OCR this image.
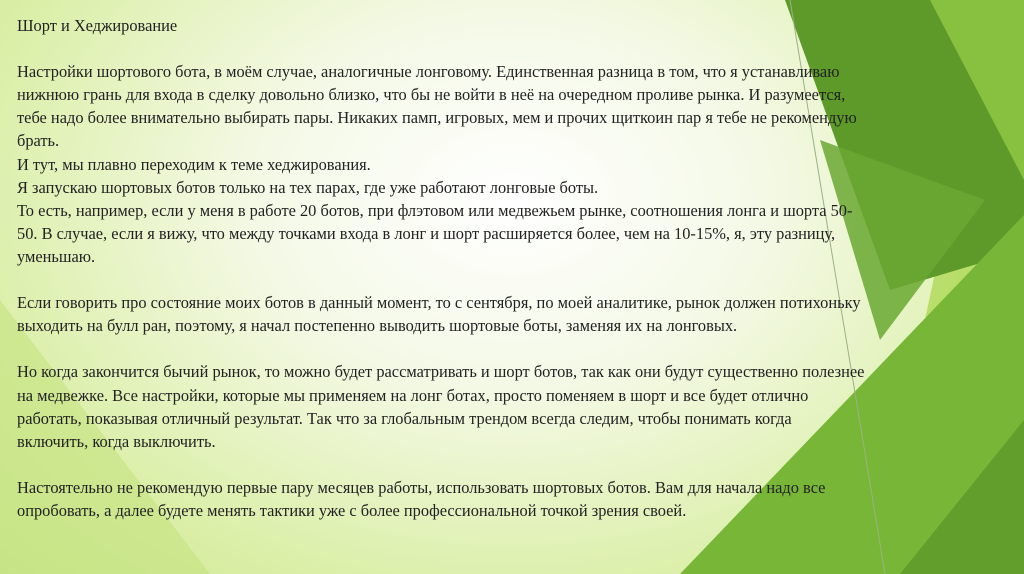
Шорт и Хеджирование

Настройки шортового бота, в моём случае, аналогичные лонговому. Единственная разница в том, что я устанавливаю нижнюю грань для входа в сделку довольно близко, что бы не войти в неё на очередном проливе рынка. И разумеется, тебе надо более внимательно выбирать пары. Никаких памп, игровых, мем и прочих щиткоин пар я тебе не рекомендую брать.

И тут, мы плавно переходим к теме хеджирования.

Я запускаю шортовых ботов только на тех парах, где уже работают лонговые боты.

То есть, например, если у меня в работе 20 ботов, при флэтовом или медвежьем рынке, соотношения лонга и шорта 50-50. В случае, если я вижу, что между точками входа в лонг и шорт расширяется более, чем на 10-15%, я, эту разницу, уменьшаю.

Если говорить про состояние моих ботов в данный момент, то с сентября, по моей аналитике, рынок должен потихоньку выходить на булл ран, поэтому, я начал постепенно выводить шортовые боты, заменяя их на лонговых.

Но когда закончится бычий рынок, то можно будет рассматривать и шорт ботов, так как они будут существенно полезнее на медвежке. Все настройки, которые мы применяем на лонг ботах, просто поменяем в шорт и все будет отлично работать, показывая отличный результат. Так что за глобальным трендом всегда следим, чтобы понимать когда включить, когда выключить.

Настоятельно не рекомендую первые пару месяцев работы, использовать шортовых ботов. Вам для начала надо все опробовать, а далее будете менять тактики уже с более профессиональной точкой зрения своей.
